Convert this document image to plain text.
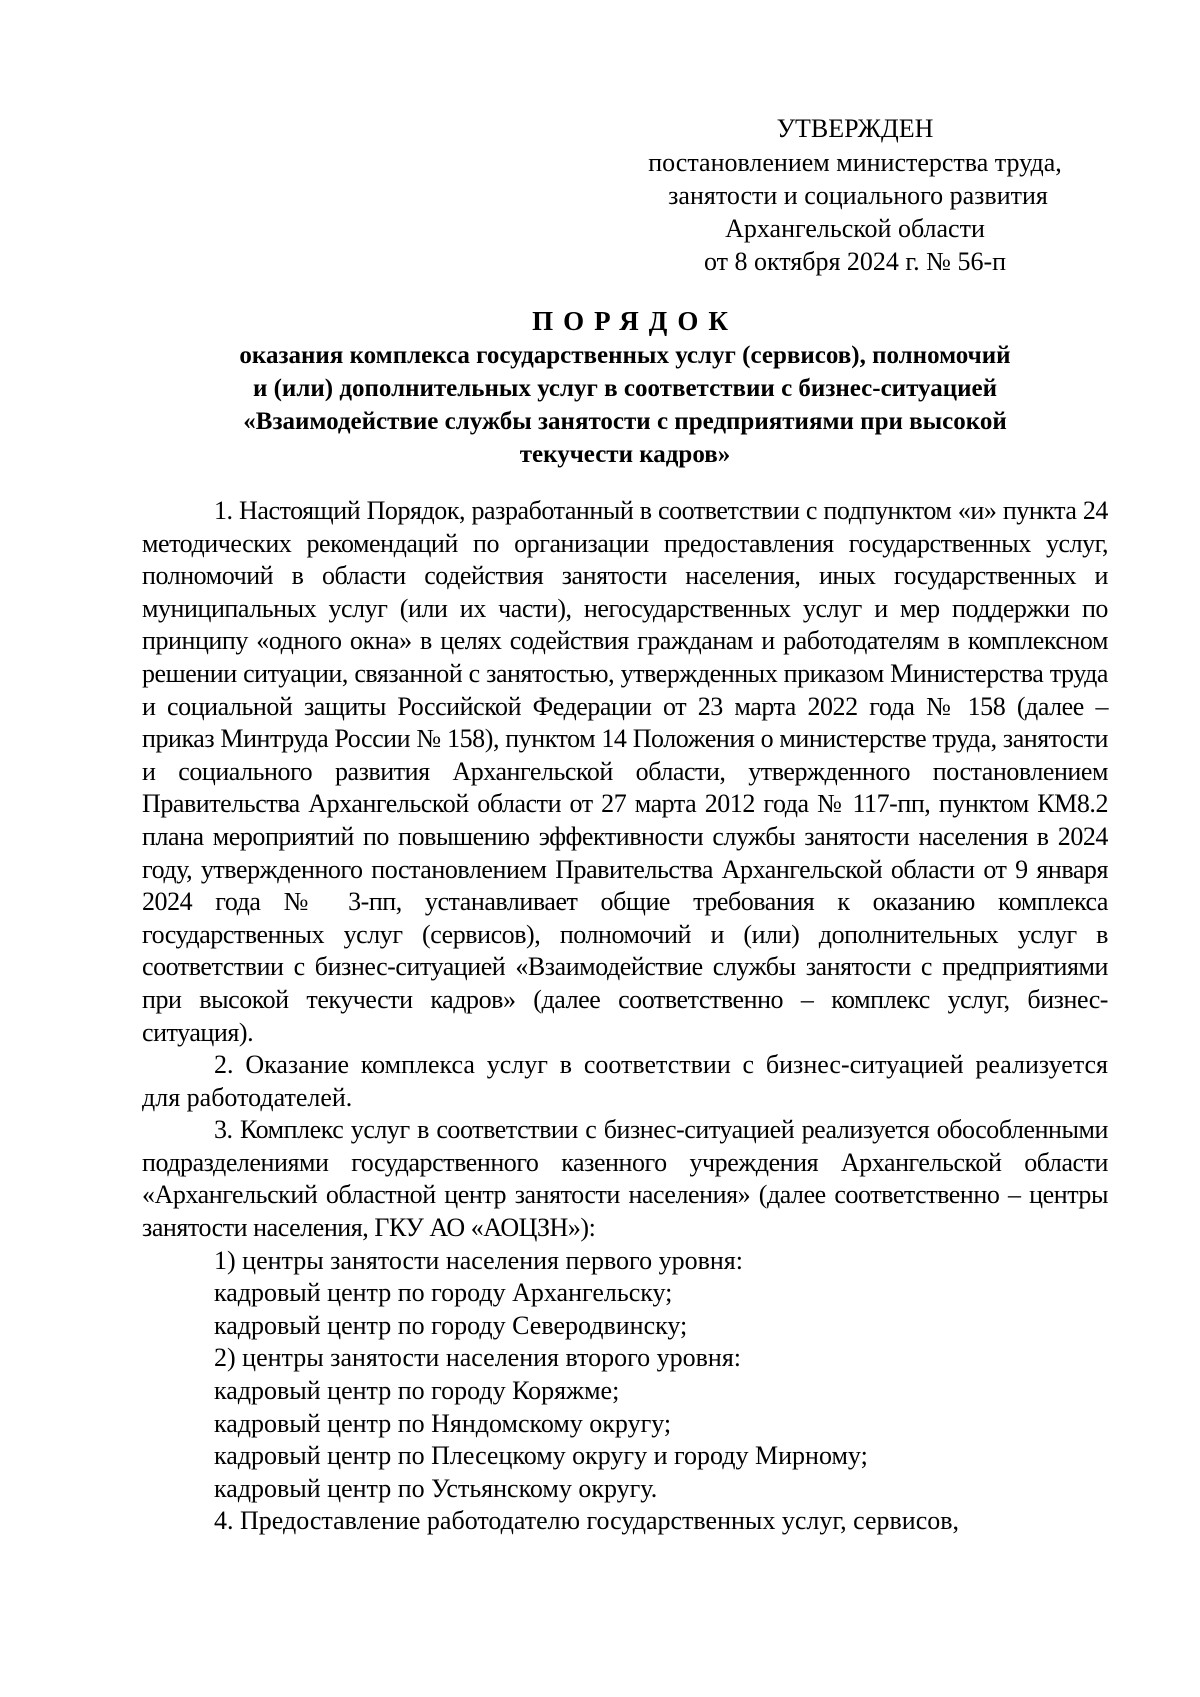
УТВЕРЖДЕН
постановлением министерства труда,
занятости и социального развития
Архангельской области
от 8 октября 2024 г. № 56-п
ПОРЯДОК
оказания комплекса государственных услуг (сервисов), полномочий
и (или) дополнительных услуг в соответствии с бизнес-ситуацией
«Взаимодействие службы занятости с предприятиями при высокой
текучести кадров»

1. Настоящий Порядок, разработанный в соответствии с подпунктом «и» пункта 24 методических рекомендаций по организации предоставления государственных услуг, полномочий в области содействия занятости населения, иных государственных и муниципальных услуг (или их части), негосударственных услуг и мер поддержки по принципу «одного окна» в целях содействия гражданам и работодателям в комплексном решении ситуации, связанной с занятостью, утвержденных приказом Министерства труда и социальной защиты Российской Федерации от 23 марта 2022 года № 158 (далее – приказ Минтруда России № 158), пунктом 14 Положения о министерстве труда, занятости и социального развития Архангельской области, утвержденного постановлением Правительства Архангельской области от 27 марта 2012 года № 117-пп, пунктом КМ8.2 плана мероприятий по повышению эффективности службы занятости населения в 2024 году, утвержденного постановлением Правительства Архангельской области от 9 января 2024 года № 3-пп, устанавливает общие требования к оказанию комплекса государственных услуг (сервисов), полномочий и (или) дополнительных услуг в соответствии с бизнес-ситуацией «Взаимодействие службы занятости с предприятиями при высокой текучести кадров» (далее соответственно – комплекс услуг, бизнес-ситуация).

2. Оказание комплекса услуг в соответствии с бизнес-ситуацией реализуется для работодателей.

3. Комплекс услуг в соответствии с бизнес-ситуацией реализуется обособленными подразделениями государственного казенного учреждения Архангельской области «Архангельский областной центр занятости населения» (далее соответственно – центры занятости населения, ГКУ АО «АОЦЗН»):

1) центры занятости населения первого уровня:

кадровый центр по городу Архангельску;

кадровый центр по городу Северодвинску;

2) центры занятости населения второго уровня:

кадровый центр по городу Коряжме;

кадровый центр по Няндомскому округу;

кадровый центр по Плесецкому округу и городу Мирному;

кадровый центр по Устьянскому округу.

4. Предоставление работодателю государственных услуг, сервисов,
